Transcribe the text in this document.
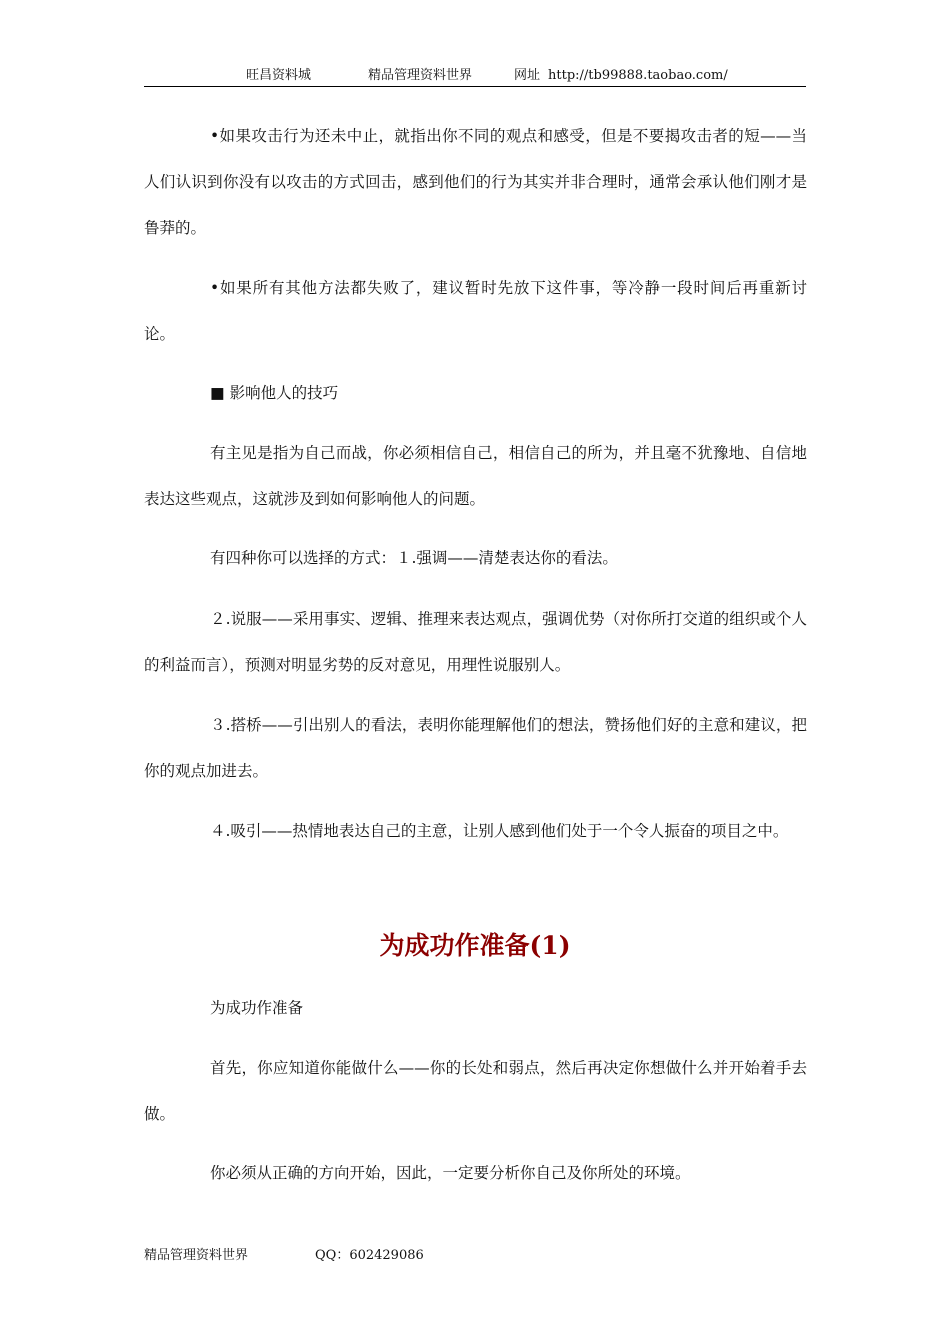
旺昌资料城	精品管理资料世界	网址 http://tb99888.taobao.com/

•如果攻击行为还未中止，就指出你不同的观点和感受，但是不要揭攻击者的短——当人们认识到你没有以攻击的方式回击，感到他们的行为其实并非合理时，通常会承认他们刚才是鲁莽的。

•如果所有其他方法都失败了，建议暂时先放下这件事，等冷静一段时间后再重新讨论。

■ 影响他人的技巧

有主见是指为自己而战，你必须相信自己，相信自己的所为，并且毫不犹豫地、自信地表达这些观点，这就涉及到如何影响他人的问题。

有四种你可以选择的方式：１.强调——清楚表达你的看法。

２.说服——采用事实、逻辑、推理来表达观点，强调优势（对你所打交道的组织或个人的利益而言），预测对明显劣势的反对意见，用理性说服别人。

３.搭桥——引出别人的看法，表明你能理解他们的想法，赞扬他们好的主意和建议，把你的观点加进去。

４.吸引——热情地表达自己的主意，让别人感到他们处于一个令人振奋的项目之中。

为成功作准备(1)

为成功作准备

首先，你应知道你能做什么——你的长处和弱点，然后再决定你想做什么并开始着手去做。

你必须从正确的方向开始，因此，一定要分析你自己及你所处的环境。

精品管理资料世界	QQ：602429086
